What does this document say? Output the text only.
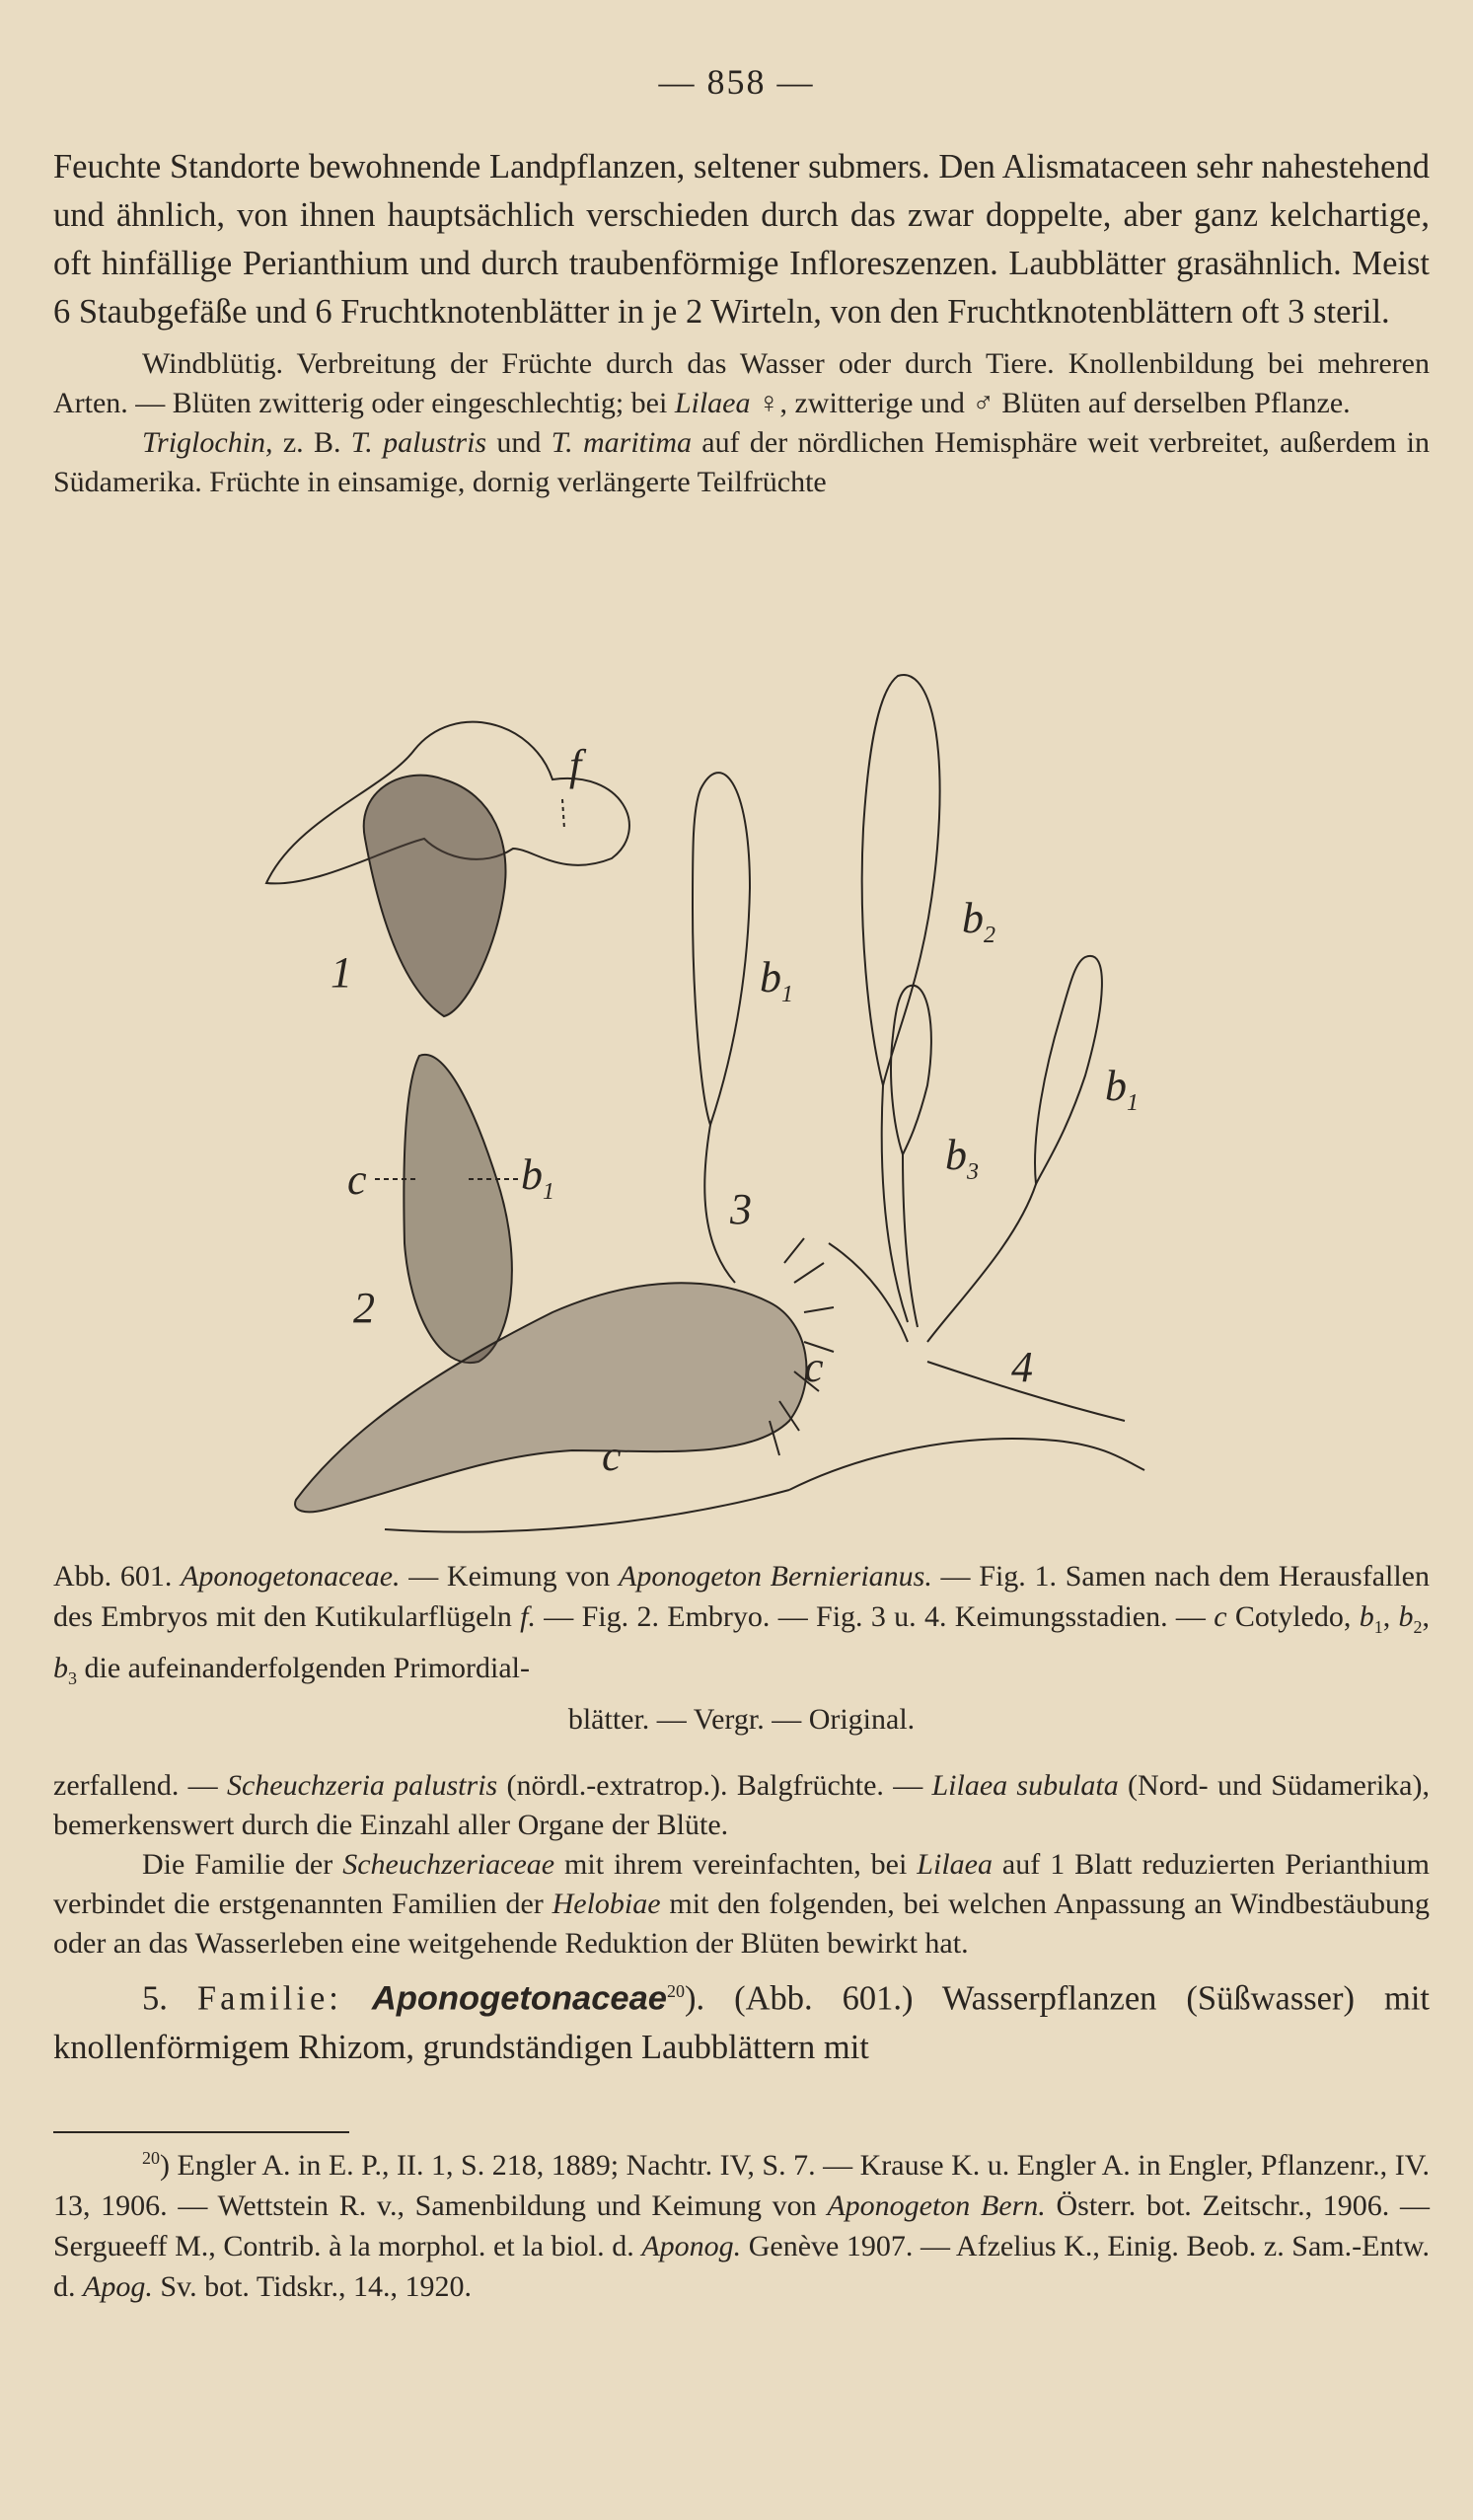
— 858 —

Feuchte Standorte bewohnende Landpflanzen, seltener submers. Den Alismataceen sehr nahestehend und ähnlich, von ihnen hauptsächlich verschieden durch das zwar doppelte, aber ganz kelchartige, oft hinfällige Perianthium und durch traubenförmige Infloreszenzen. Laubblätter grasähnlich. Meist 6 Staubgefäße und 6 Fruchtknotenblätter in je 2 Wirteln, von den Fruchtknotenblättern oft 3 steril.

Windblütig. Verbreitung der Früchte durch das Wasser oder durch Tiere. Knollenbildung bei mehreren Arten. — Blüten zwitterig oder eingeschlechtig; bei Lilaea ♀, zwitterige und ♂ Blüten auf derselben Pflanze.

Triglochin, z. B. T. palustris und T. maritima auf der nördlichen Hemisphäre weit verbreitet, außerdem in Südamerika. Früchte in einsamige, dornig verlängerte Teilfrüchte

f
1
c	$b_1$
2
$b_1$
3
c
$b_2$
$b_3$
$b_1$
c	4

Abb. 601. Aponogetonaceae. — Keimung von Aponogeton Bernierianus. — Fig. 1. Samen nach dem Herausfallen des Embryos mit den Kutikularflügeln f. — Fig. 2. Embryo. — Fig. 3 u. 4. Keimungsstadien. — c Cotyledo, $b_1$, $b_2$, $b_3$ die aufeinanderfolgenden Primordial-

blätter. — Vergr. — Original.

zerfallend. — Scheuchzeria palustris (nördl.-extratrop.). Balgfrüchte. — Lilaea subulata (Nord- und Südamerika), bemerkenswert durch die Einzahl aller Organe der Blüte.

Die Familie der Scheuchzeriaceae mit ihrem vereinfachten, bei Lilaea auf 1 Blatt reduzierten Perianthium verbindet die erstgenannten Familien der Helobiae mit den folgenden, bei welchen Anpassung an Windbestäubung oder an das Wasserleben eine weitgehende Reduktion der Blüten bewirkt hat.

5. Familie: Aponogetonaceae$^{20}$). (Abb. 601.) Wasserpflanzen (Süßwasser) mit knollenförmigem Rhizom, grundständigen Laubblättern mit

$^{20}$) Engler A. in E. P., II. 1, S. 218, 1889; Nachtr. IV, S. 7. — Krause K. u. Engler A. in Engler, Pflanzenr., IV. 13, 1906. — Wettstein R. v., Samenbildung und Keimung von Aponogeton Bern. Österr. bot. Zeitschr., 1906. — Sergueeff M., Contrib. à la morphol. et la biol. d. Aponog. Genève 1907. — Afzelius K., Einig. Beob. z. Sam.-Entw. d. Apog. Sv. bot. Tidskr., 14., 1920.
